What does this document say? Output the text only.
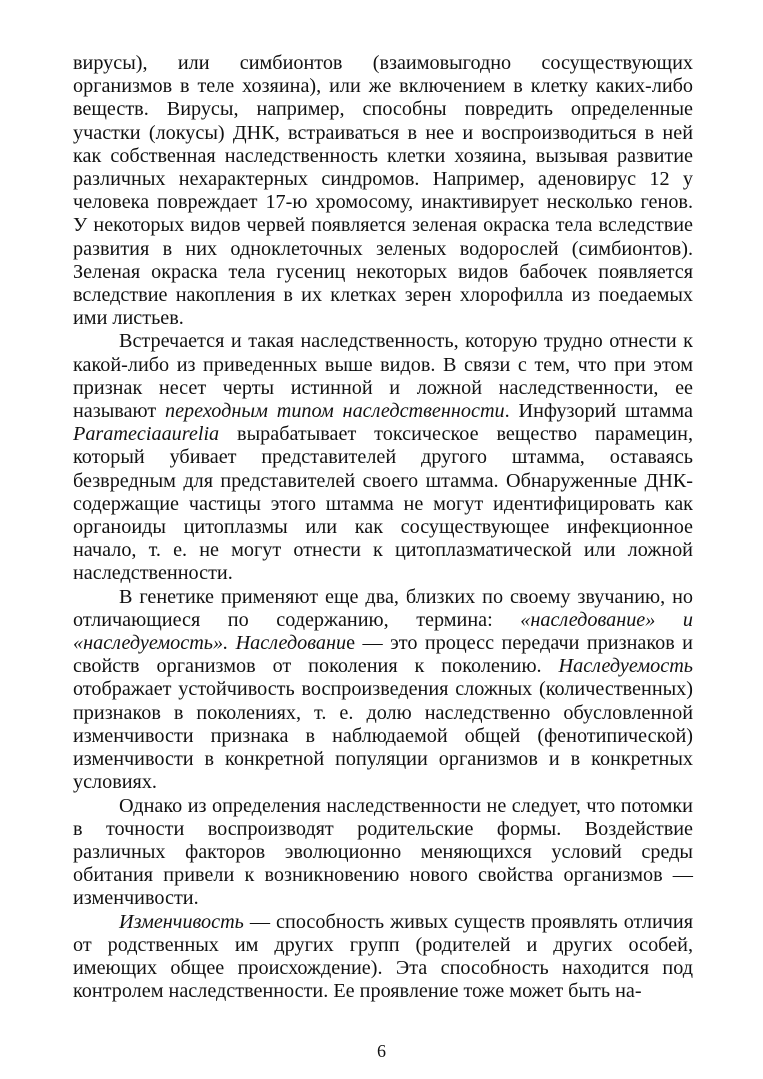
вирусы), или симбионтов (взаимовыгодно сосуществующих организмов в теле хозяина), или же включением в клетку каких-либо веществ. Вирусы, например, способны повредить определенные участки (локусы) ДНК, встраиваться в нее и воспроизводиться в ней как собственная наследственность клетки хозяина, вызывая развитие различных нехарактерных синдромов. Например, аденовирус 12 у человека повреждает 17-ю хромосому, инактивирует несколько генов. У некоторых видов червей появляется зеленая окраска тела вследствие развития в них одноклеточных зеленых водорослей (симбионтов). Зеленая окраска тела гусениц некоторых видов бабочек появляется вследствие накопления в их клетках зерен хлорофилла из поедаемых ими листьев.

Встречается и такая наследственность, которую трудно отнести к какой-либо из приведенных выше видов. В связи с тем, что при этом признак несет черты истинной и ложной наследственности, ее называют переходным типом наследственности. Инфузорий штамма Parameciaaurelia вырабатывает токсическое вещество парамецин, который убивает представителей другого штамма, оставаясь безвредным для представителей своего штамма. Обнаруженные ДНК-содержащие частицы этого штамма не могут идентифицировать как органоиды цитоплазмы или как сосуществующее инфекционное начало, т. е. не могут отнести к цитоплазматической или ложной наследственности.

В генетике применяют еще два, близких по своему звучанию, но отличающиеся по содержанию, термина: «наследование» и «наследуемость». Наследование — это процесс передачи признаков и свойств организмов от поколения к поколению. Наследуемость отображает устойчивость воспроизведения сложных (количественных) признаков в поколениях, т. е. долю наследственно обусловленной изменчивости признака в наблюдаемой общей (фенотипической) изменчивости в конкретной популяции организмов и в конкретных условиях.

Однако из определения наследственности не следует, что потомки в точности воспроизводят родительские формы. Воздействие различных факторов эволюционно меняющихся условий среды обитания привели к возникновению нового свойства организмов — изменчивости.

Изменчивость — способность живых существ проявлять отличия от родственных им других групп (родителей и других особей, имеющих общее происхождение). Эта способность находится под контролем наследственности. Ее проявление тоже может быть на-

6
